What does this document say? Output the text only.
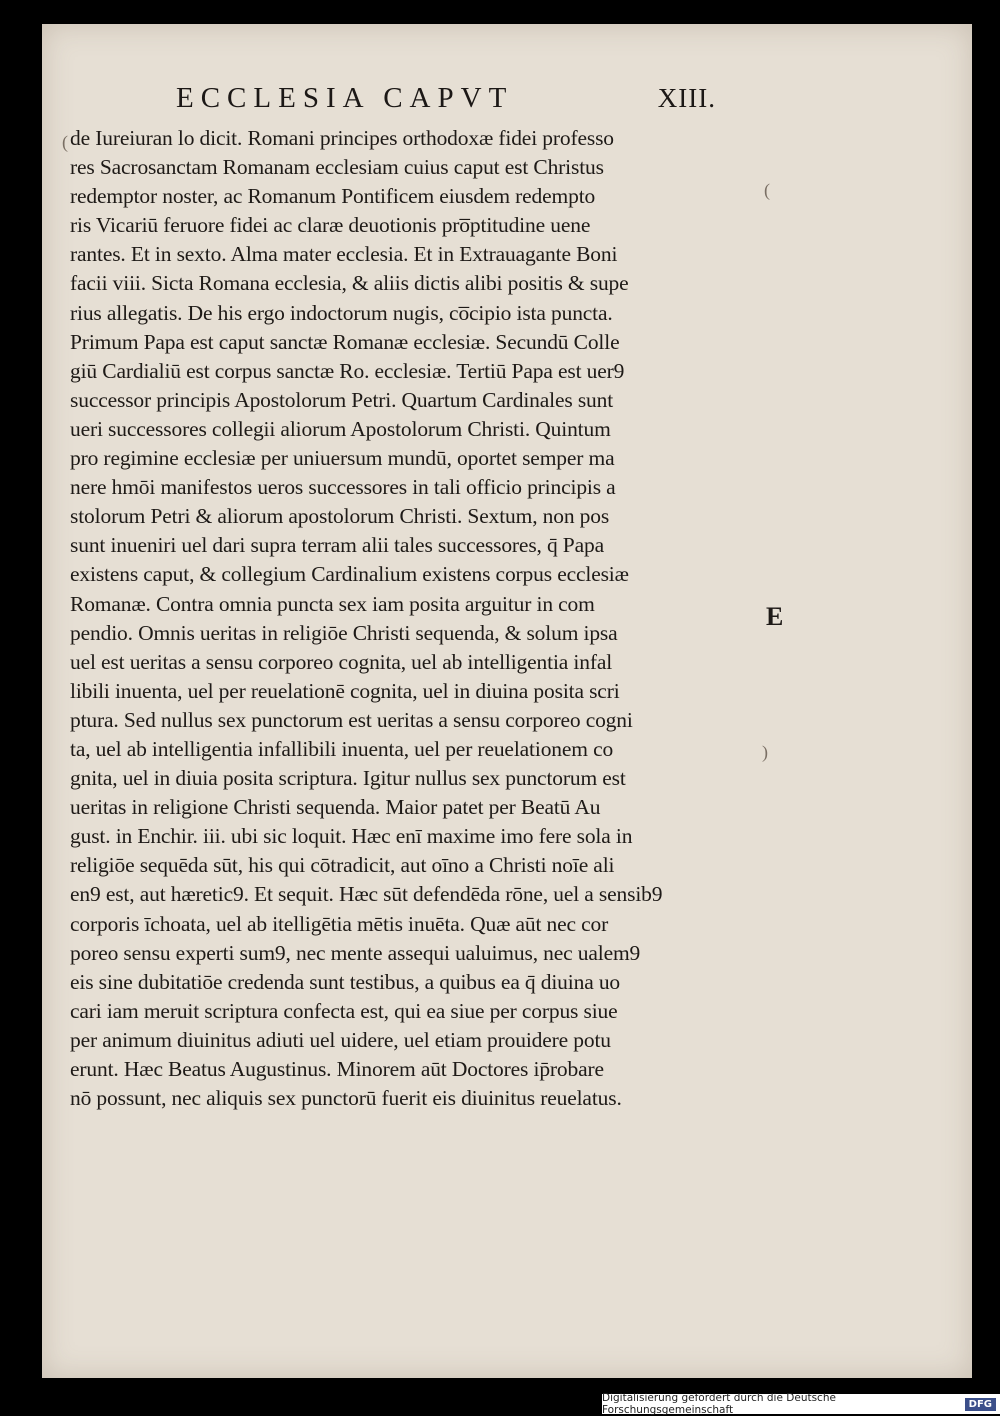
ECCLESIA CAPVT	XIII.
de Iureiuran lo dicit. Romani principes orthodoxæ fidei professo
res Sacrosanctam Romanam ecclesiam cuius caput est Christus
redemptor noster, ac Romanum Pontificem eiusdem redempto
ris Vicariū feruore fidei ac claræ deuotionis pro̅ptitudine uene
rantes. Et in sexto. Alma mater ecclesia. Et in Extrauagante Boni
facii viii. Sicta Romana ecclesia, & aliis dictis alibi positis & supe
rius allegatis. De his ergo indoctorum nugis, co̅cipio ista puncta.
Primum Papa est caput sanctæ Romanæ ecclesiæ. Secundū Colle
giū Cardialiū est corpus sanctæ Ro. ecclesiæ. Tertiū Papa est uer9
successor principis Apostolorum Petri. Quartum Cardinales sunt
ueri successores collegii aliorum Apostolorum Christi. Quintum
pro regimine ecclesiæ per uniuersum mundū, oportet semper ma
nere hmōi manifestos ueros successores in tali officio principis a
stolorum Petri & aliorum apostolorum Christi. Sextum, non pos
sunt inueniri uel dari supra terram alii tales successores, q̄ Papa
existens caput, & collegium Cardinalium existens corpus ecclesiæ
Romanæ. Contra omnia puncta sex iam posita arguitur in com
pendio. Omnis ueritas in religiōe Christi sequenda, & solum ipsa
uel est ueritas a sensu corporeo cognita, uel ab intelligentia infal
libili inuenta, uel per reuelationē cognita, uel in diuina posita scri
ptura. Sed nullus sex punctorum est ueritas a sensu corporeo cogni
ta, uel ab intelligentia infallibili inuenta, uel per reuelationem co
gnita, uel in diuia posita scriptura. Igitur nullus sex punctorum est
ueritas in religione Christi sequenda. Maior patet per Beatū Au
gust. in Enchir. iii. ubi sic loquit. Hæc enī maxime imo fere sola in
religiōe sequēda sūt, his qui cōtradicit, aut oīno a Christi noīe ali
en9 est, aut hæretic9. Et sequit. Hæc sūt defendēda rōne, uel a sensib9
corporis īchoata, uel ab itelligētia mētis inuēta. Quæ aūt nec cor
poreo sensu experti sum9, nec mente assequi ualuimus, nec ualem9
eis sine dubitatiōe credenda sunt testibus, a quibus ea q̄ diuina uo
cari iam meruit scriptura confecta est, qui ea siue per corpus siue
per animum diuinitus adiuti uel uidere, uel etiam prouidere potu
erunt. Hæc Beatus Augustinus. Minorem aūt Doctores ip̄robare
nō possunt, nec aliquis sex punctorū fuerit eis diuinitus reuelatus.
E
(
(
)
Digitalisierung gefördert durch die Deutsche Forschungsgemeinschaft	DFG
